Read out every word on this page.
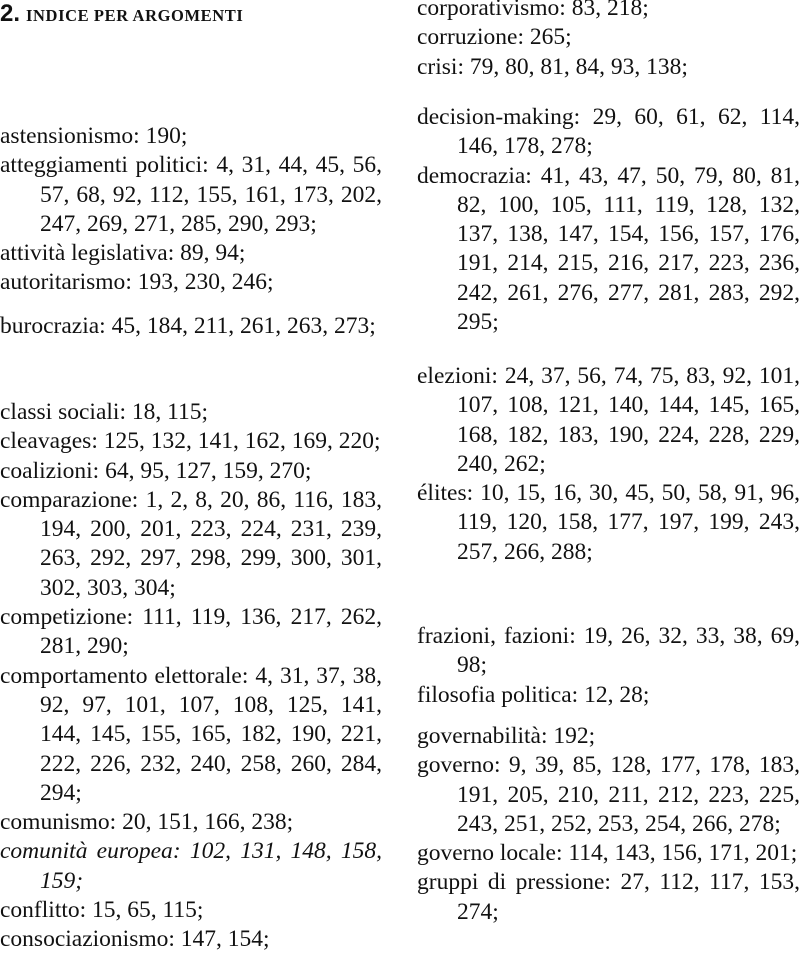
2. INDICE PER ARGOMENTI

astensionismo: 190;

atteggiamenti politici: 4, 31, 44, 45, 56, 57, 68, 92, 112, 155, 161, 173, 202, 247, 269, 271, 285, 290, 293;

attività legislativa: 89, 94;

autoritarismo: 193, 230, 246;

burocrazia: 45, 184, 211, 261, 263, 273;

classi sociali: 18, 115;

cleavages: 125, 132, 141, 162, 169, 220;

coalizioni: 64, 95, 127, 159, 270;

comparazione: 1, 2, 8, 20, 86, 116, 183, 194, 200, 201, 223, 224, 231, 239, 263, 292, 297, 298, 299, 300, 301, 302, 303, 304;

competizione: 111, 119, 136, 217, 262, 281, 290;

comportamento elettorale: 4, 31, 37, 38, 92, 97, 101, 107, 108, 125, 141, 144, 145, 155, 165, 182, 190, 221, 222, 226, 232, 240, 258, 260, 284, 294;

comunismo: 20, 151, 166, 238;

comunità europea: 102, 131, 148, 158, 159;

conflitto: 15, 65, 115;

consociazionismo: 147, 154;

corporativismo: 83, 218;

corruzione: 265;

crisi: 79, 80, 81, 84, 93, 138;

decision-making: 29, 60, 61, 62, 114, 146, 178, 278;

democrazia: 41, 43, 47, 50, 79, 80, 81, 82, 100, 105, 111, 119, 128, 132, 137, 138, 147, 154, 156, 157, 176, 191, 214, 215, 216, 217, 223, 236, 242, 261, 276, 277, 281, 283, 292, 295;

elezioni: 24, 37, 56, 74, 75, 83, 92, 101, 107, 108, 121, 140, 144, 145, 165, 168, 182, 183, 190, 224, 228, 229, 240, 262;

élites: 10, 15, 16, 30, 45, 50, 58, 91, 96, 119, 120, 158, 177, 197, 199, 243, 257, 266, 288;

frazioni, fazioni: 19, 26, 32, 33, 38, 69, 98;

filosofia politica: 12, 28;

governabilità: 192;

governo: 9, 39, 85, 128, 177, 178, 183, 191, 205, 210, 211, 212, 223, 225, 243, 251, 252, 253, 254, 266, 278;

governo locale: 114, 143, 156, 171, 201;

gruppi di pressione: 27, 112, 117, 153, 274;
